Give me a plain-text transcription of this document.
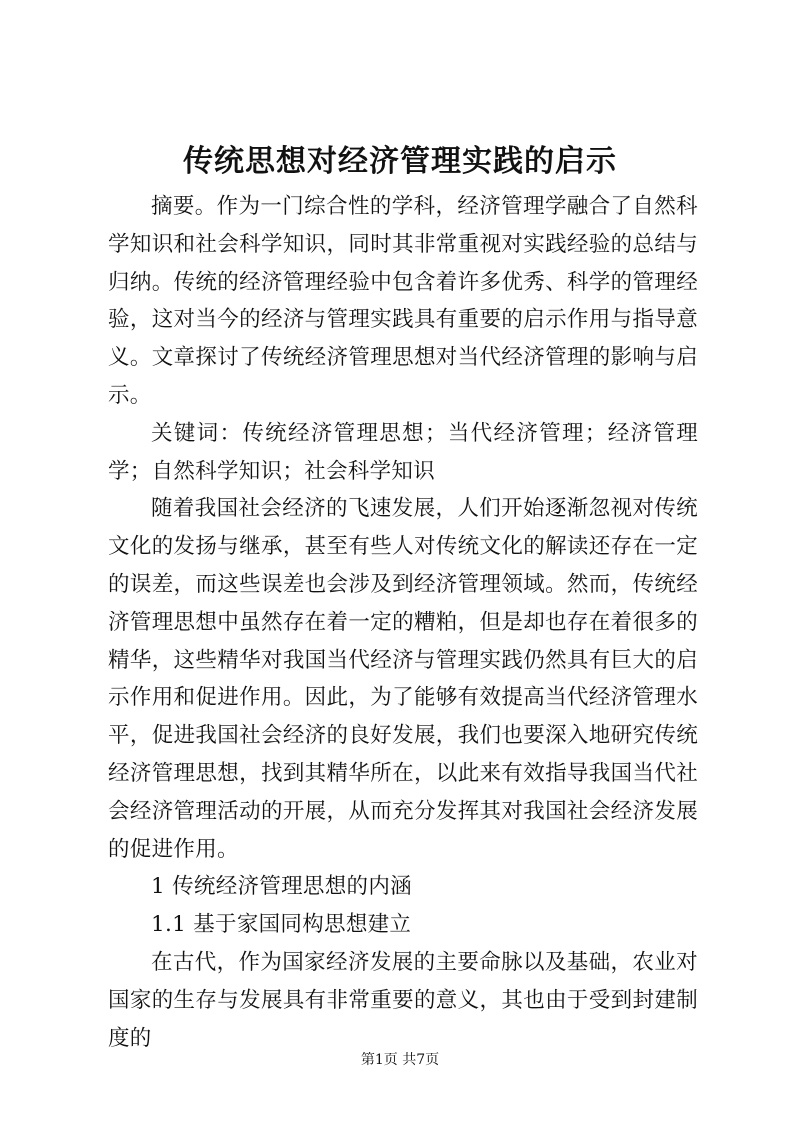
传统思想对经济管理实践的启示

摘要。作为一门综合性的学科，经济管理学融合了自然科学知识和社会科学知识，同时其非常重视对实践经验的总结与归纳。传统的经济管理经验中包含着许多优秀、科学的管理经验，这对当今的经济与管理实践具有重要的启示作用与指导意义。文章探讨了传统经济管理思想对当代经济管理的影响与启示。

关键词：传统经济管理思想；当代经济管理；经济管理学；自然科学知识；社会科学知识

随着我国社会经济的飞速发展，人们开始逐渐忽视对传统文化的发扬与继承，甚至有些人对传统文化的解读还存在一定的误差，而这些误差也会涉及到经济管理领域。然而，传统经济管理思想中虽然存在着一定的糟粕，但是却也存在着很多的精华，这些精华对我国当代经济与管理实践仍然具有巨大的启示作用和促进作用。因此，为了能够有效提高当代经济管理水平，促进我国社会经济的良好发展，我们也要深入地研究传统经济管理思想，找到其精华所在，以此来有效指导我国当代社会经济管理活动的开展，从而充分发挥其对我国社会经济发展的促进作用。

1 传统经济管理思想的内涵

1.1 基于家国同构思想建立

在古代，作为国家经济发展的主要命脉以及基础，农业对国家的生存与发展具有非常重要的意义，其也由于受到封建制度的

第1页 共7页
